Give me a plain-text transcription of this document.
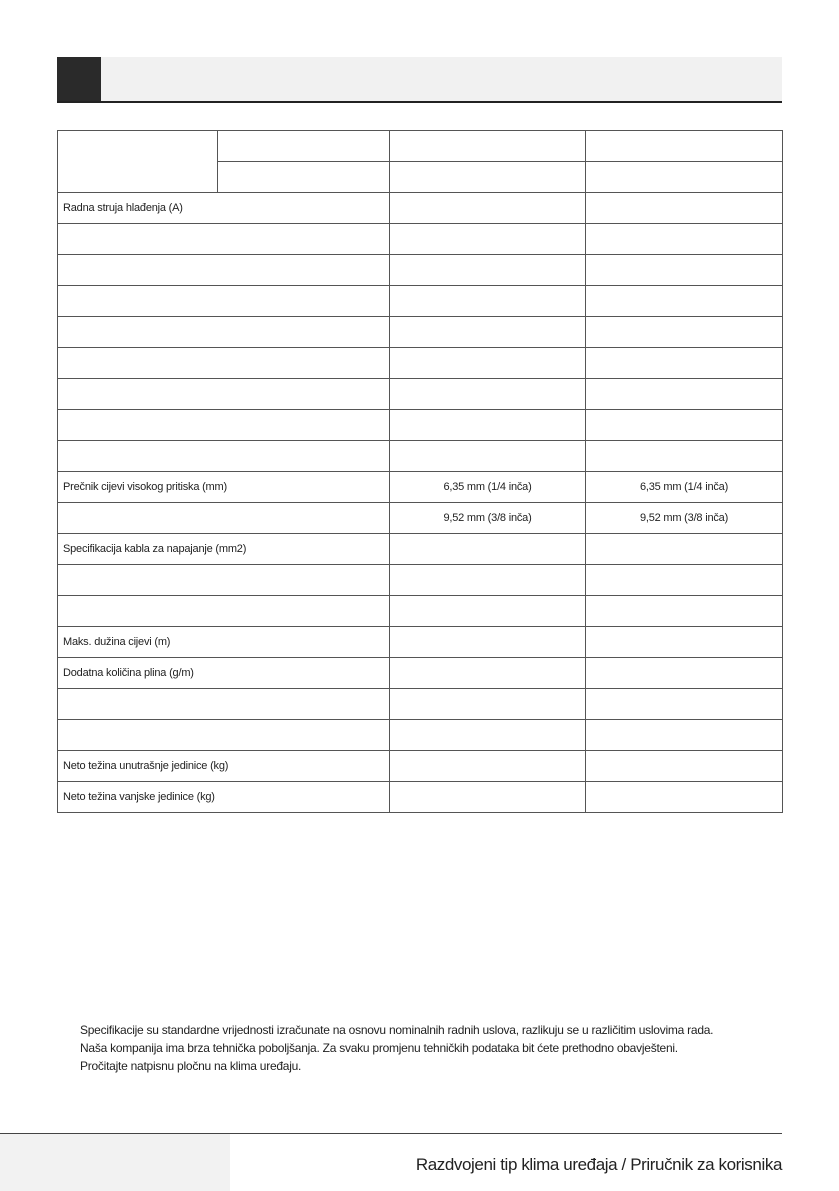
Radna struja hlađenja (A)			

Prečnik cijevi visokog pritiska (mm)		6,35 mm (1/4 inča)	6,35 mm (1/4 inča)
		9,52 mm (3/8 inča)	9,52 mm (3/8 inča)
Specifikacija kabla za napajanje (mm2)			

Maks. dužina cijevi (m)			
Dodatna količina plina (g/m)			

Neto težina unutrašnje jedinice (kg)			
Neto težina vanjske jedinice (kg)			

Specifikacije su standardne vrijednosti izračunate na osnovu nominalnih radnih uslova, razlikuju se u različitim uslovima rada.

Naša kompanija ima brza tehnička poboljšanja. Za svaku promjenu tehničkih podataka bit ćete prethodno obavješteni.

Pročitajte natpisnu pločnu na klima uređaju.

Razdvojeni tip klima uređaja / Priručnik za korisnika
